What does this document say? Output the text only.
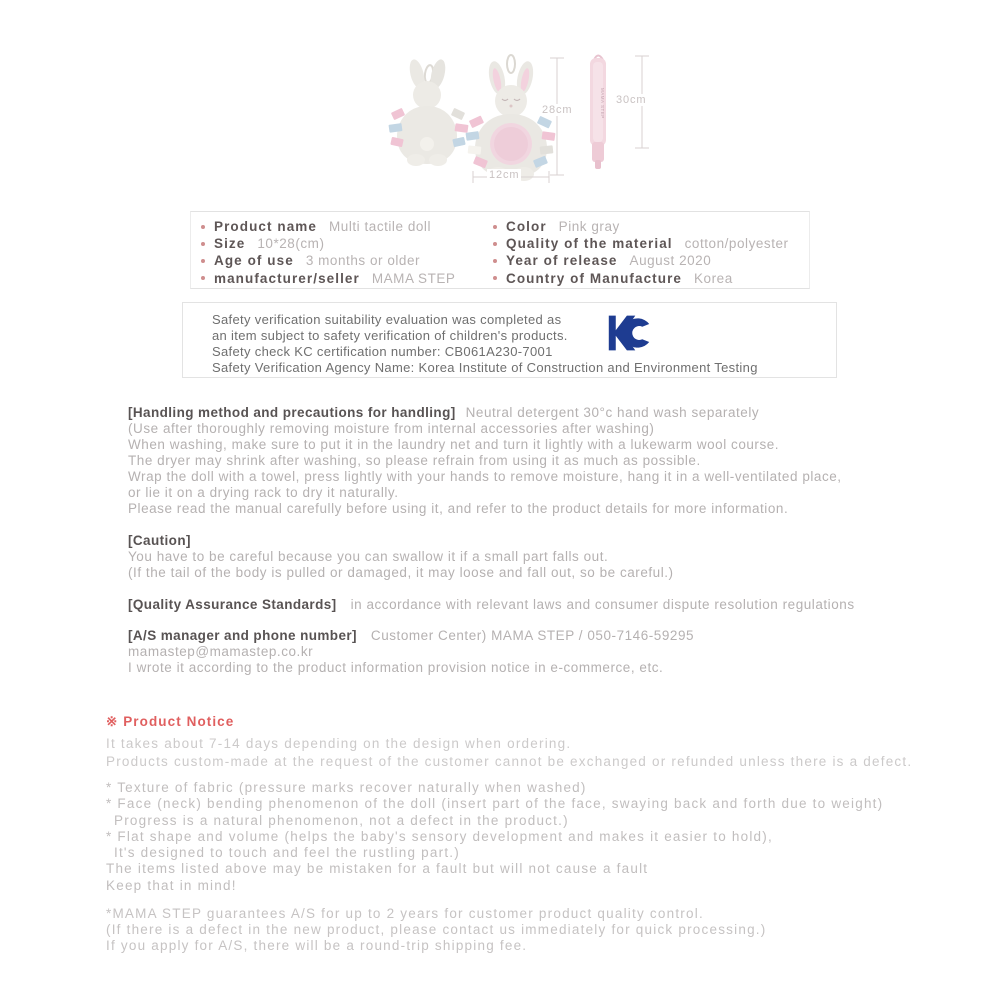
MAMA STEP
28cm
30cm
12cm
Product name Multi tactile doll
Size 10*28(cm)
Age of use 3 months or older
manufacturer/seller MAMA STEP
Color Pink gray
Quality of the material cotton/polyester
Year of release August 2020
Country of Manufacture Korea
Safety verification suitability evaluation was completed as
an item subject to safety verification of children's products.
Safety check KC certification number: CB061A230-7001
Safety Verification Agency Name: Korea Institute of Construction and Environment Testing
[Handling method and precautions for handling] Neutral detergent 30°c hand wash separately
(Use after thoroughly removing moisture from internal accessories after washing)
When washing, make sure to put it in the laundry net and turn it lightly with a lukewarm wool course.
The dryer may shrink after washing, so please refrain from using it as much as possible.
Wrap the doll with a towel, press lightly with your hands to remove moisture, hang it in a well-ventilated place,
or lie it on a drying rack to dry it naturally.
Please read the manual carefully before using it, and refer to the product details for more information.
[Caution]
You have to be careful because you can swallow it if a small part falls out.
(If the tail of the body is pulled or damaged, it may loose and fall out, so be careful.)
[Quality Assurance Standards] in accordance with relevant laws and consumer dispute resolution regulations
[A/S manager and phone number] Customer Center) MAMA STEP / 050-7146-59295
mamastep@mamastep.co.kr
I wrote it according to the product information provision notice in e-commerce, etc.
※ Product Notice
It takes about 7-14 days depending on the design when ordering.
Products custom-made at the request of the customer cannot be exchanged or refunded unless there is a defect.
* Texture of fabric (pressure marks recover naturally when washed)
* Face (neck) bending phenomenon of the doll (insert part of the face, swaying back and forth due to weight)
Progress is a natural phenomenon, not a defect in the product.)
* Flat shape and volume (helps the baby's sensory development and makes it easier to hold),
It's designed to touch and feel the rustling part.)
The items listed above may be mistaken for a fault but will not cause a fault
Keep that in mind!
*MAMA STEP guarantees A/S for up to 2 years for customer product quality control.
(If there is a defect in the new product, please contact us immediately for quick processing.)
If you apply for A/S, there will be a round-trip shipping fee.
